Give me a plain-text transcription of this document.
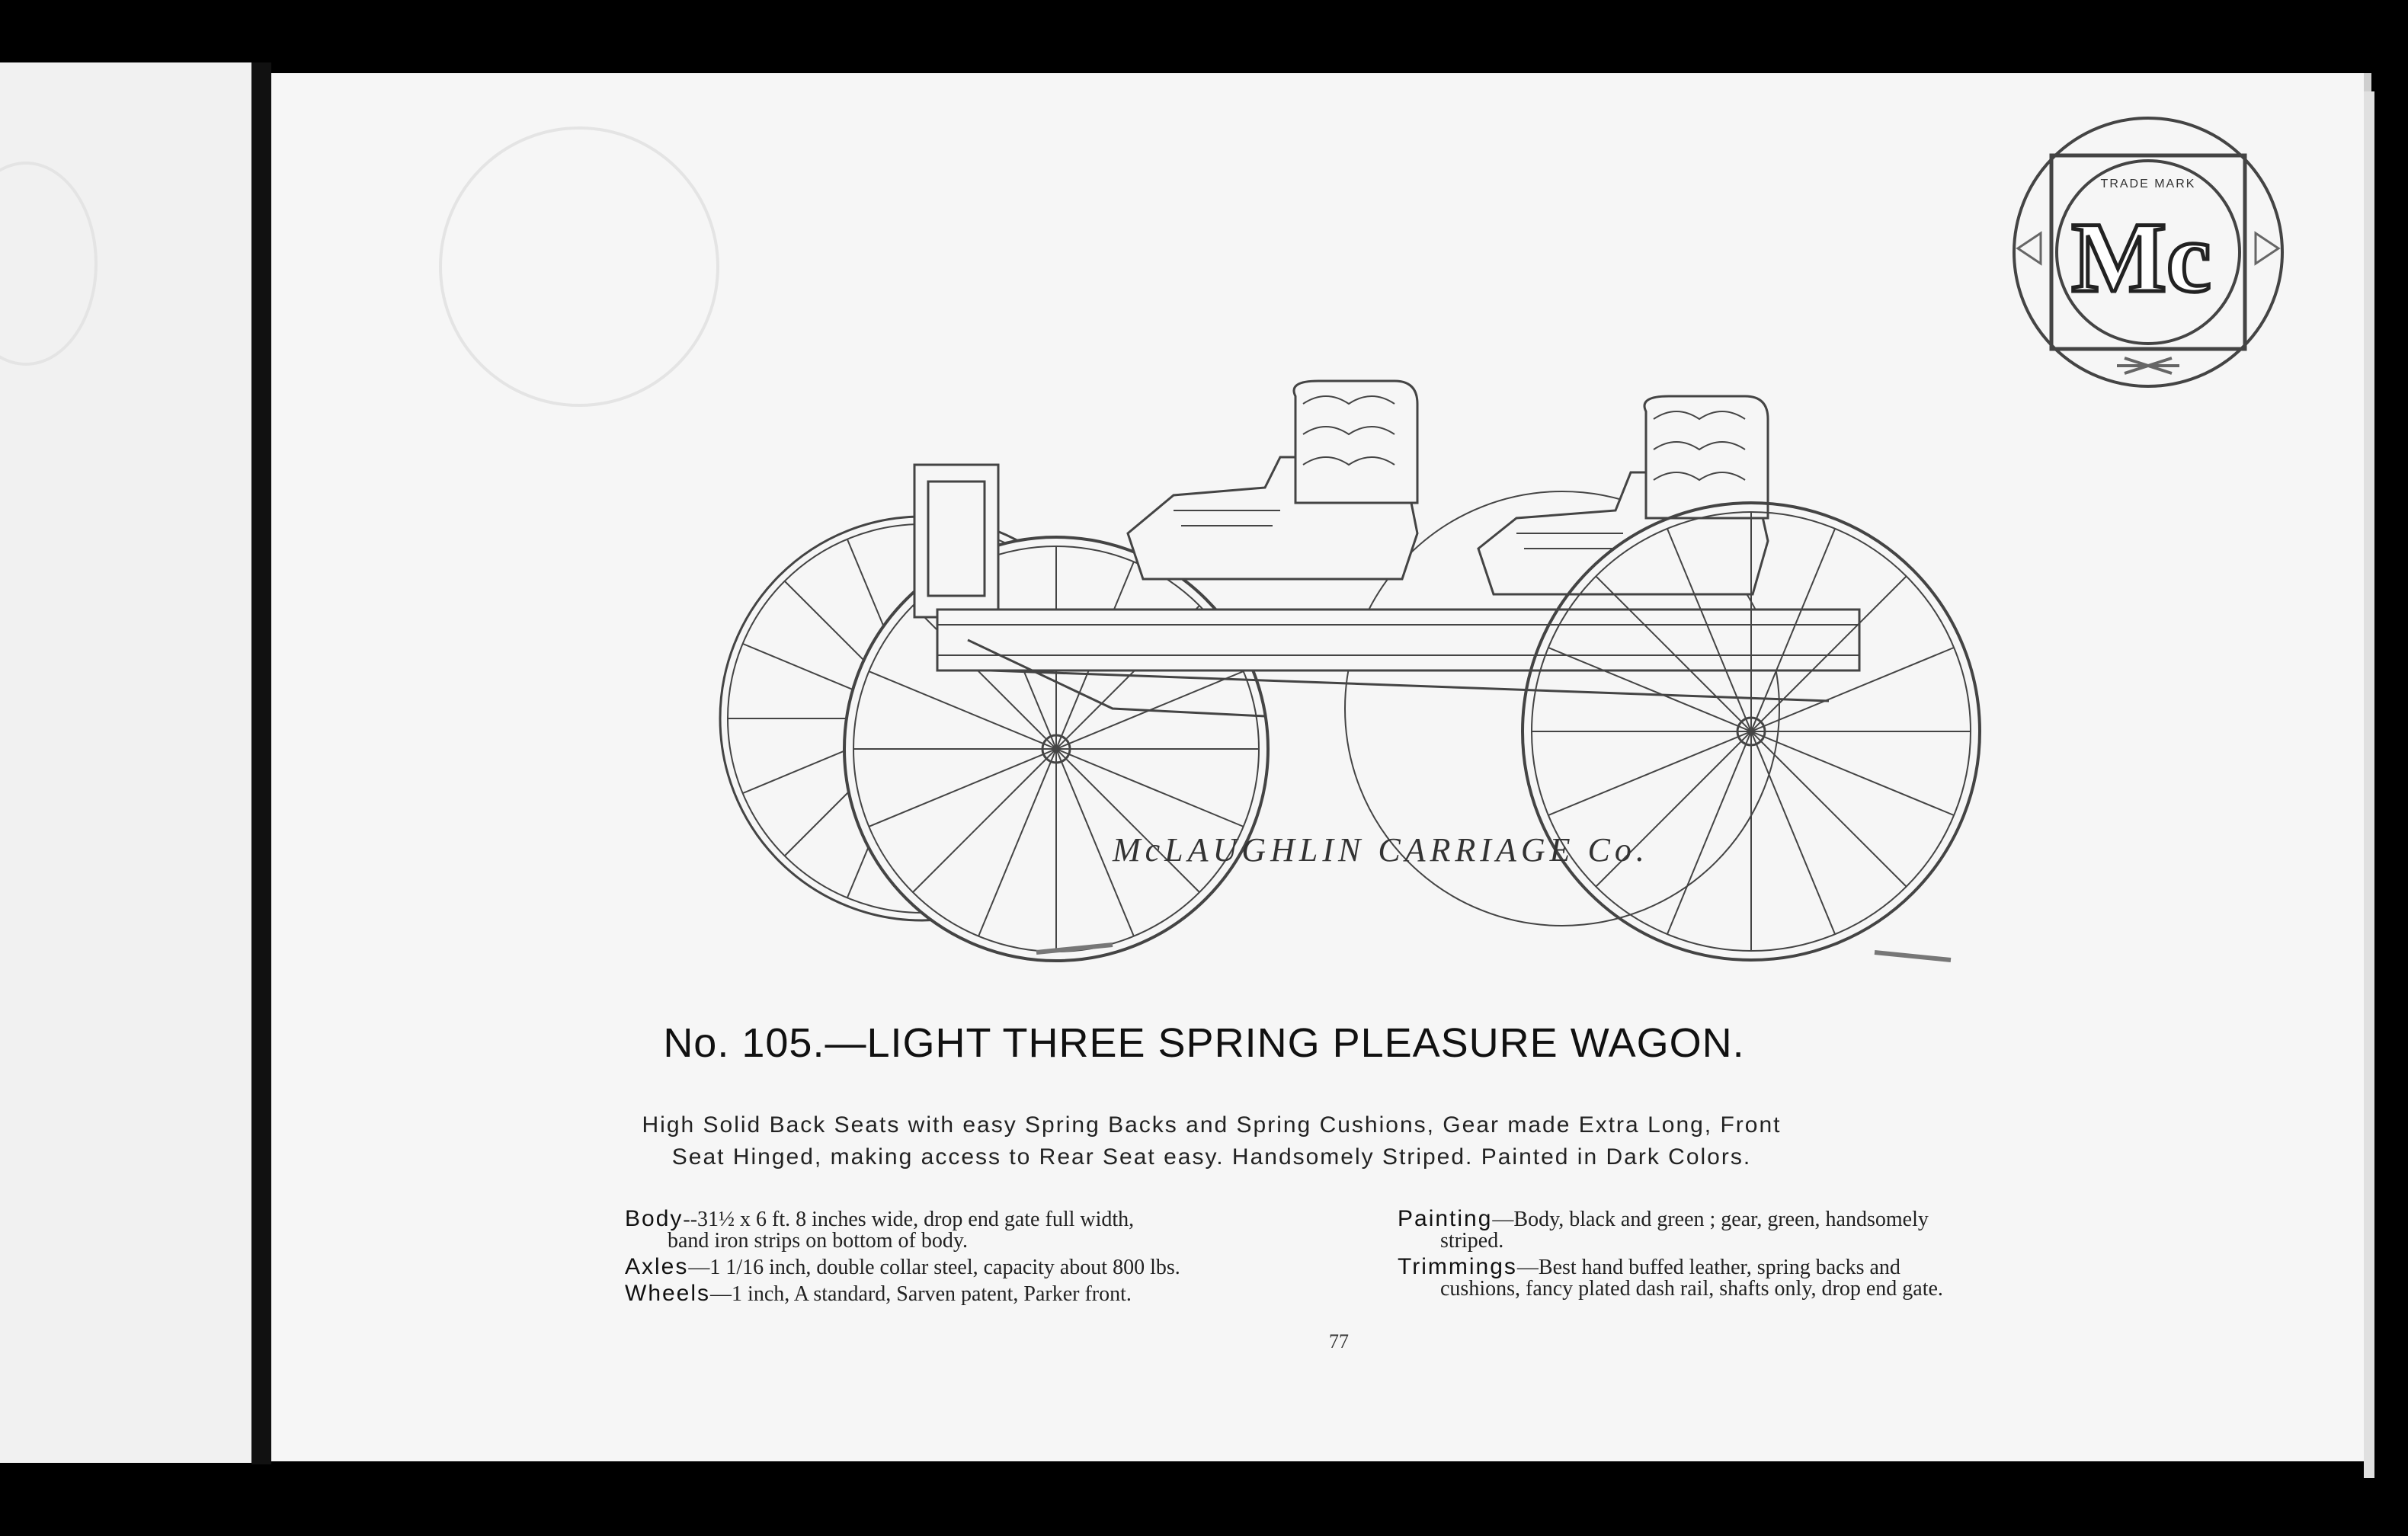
TRADE MARK
Mc
McLAUGHLIN CARRIAGE Co.
No. 105.—LIGHT THREE SPRING PLEASURE WAGON.
High Solid Back Seats with easy Spring Backs and Spring Cushions, Gear made Extra Long, Front
Seat Hinged, making access to Rear Seat easy. Handsomely Striped. Painted in Dark Colors.
Body--31½ x 6 ft. 8 inches wide, drop end gate full width,
band iron strips on bottom of body.
Axles—1 1/16 inch, double collar steel, capacity about 800 lbs.
Wheels—1 inch, A standard, Sarven patent, Parker front.
Painting—Body, black and green ; gear, green, handsomely
striped.
Trimmings—Best hand buffed leather, spring backs and
cushions, fancy plated dash rail, shafts only, drop end gate.
77
